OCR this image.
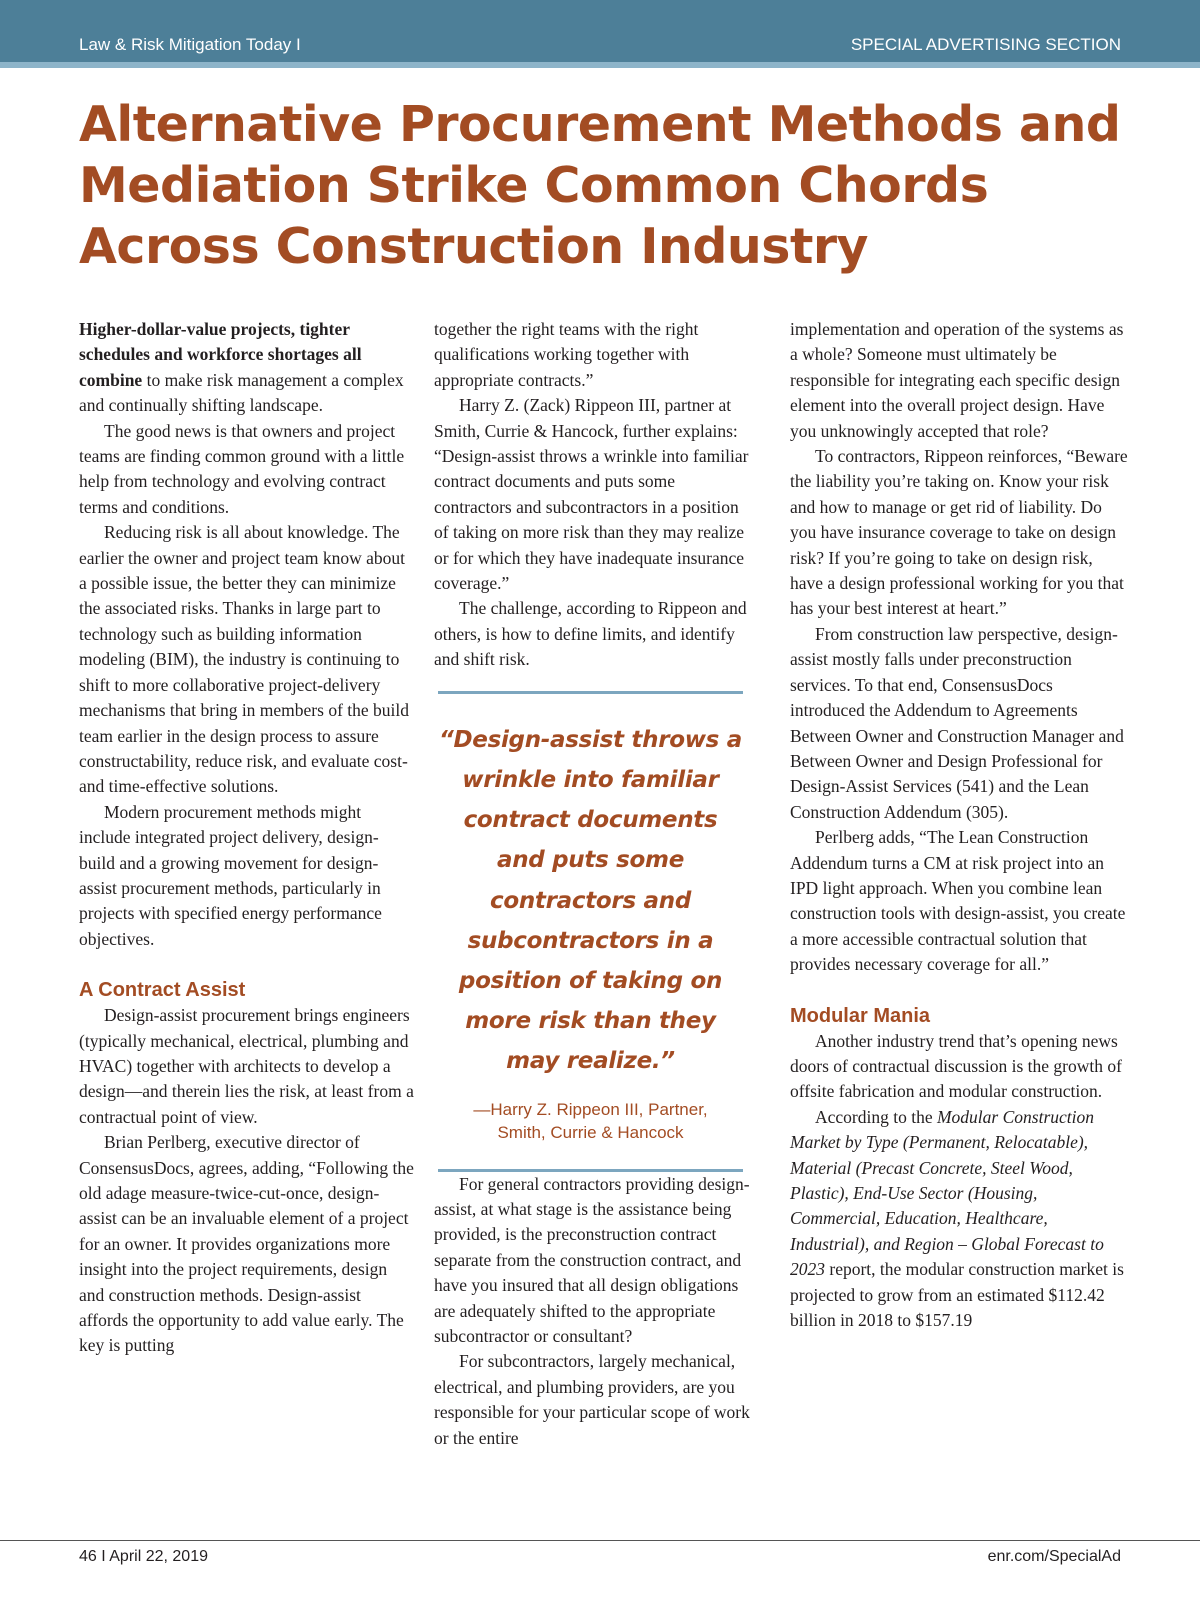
Law & Risk Mitigation Today I	SPECIAL ADVERTISING SECTION
Alternative Procurement Methods and Mediation Strike Common Chords Across Construction Industry

Higher-dollar-value projects, tighter schedules and workforce shortages all combine to make risk management a complex and continually shifting landscape.

The good news is that owners and project teams are finding common ground with a little help from technology and evolving contract terms and conditions.

Reducing risk is all about knowledge. The earlier the owner and project team know about a possible issue, the better they can minimize the associated risks. Thanks in large part to technology such as building information modeling (BIM), the industry is continuing to shift to more collaborative project-delivery mechanisms that bring in members of the build team earlier in the design process to assure constructability, reduce risk, and evaluate cost- and time-effective solutions.

Modern procurement methods might include integrated project delivery, design-build and a growing movement for design-assist procurement methods, particularly in projects with specified energy performance objectives.

A Contract Assist

Design-assist procurement brings engineers (typically mechanical, electrical, plumbing and HVAC) together with architects to develop a design—and therein lies the risk, at least from a contractual point of view.

Brian Perlberg, executive director of ConsensusDocs, agrees, adding, “Following the old adage measure-twice-cut-once, design-assist can be an invaluable element of a project for an owner. It provides organizations more insight into the project requirements, design and construction methods. Design-assist affords the opportunity to add value early. The key is putting

together the right teams with the right qualifications working together with appropriate contracts.”

Harry Z. (Zack) Rippeon III, partner at Smith, Currie & Hancock, further explains: “Design-assist throws a wrinkle into familiar contract documents and puts some contractors and subcontractors in a position of taking on more risk than they may realize or for which they have inadequate insurance coverage.”

The challenge, according to Rippeon and others, is how to define limits, and identify and shift risk.

“Design-assist throws a wrinkle into familiar contract documents and puts some contractors and subcontractors in a position of taking on more risk than they may realize.”
—Harry Z. Rippeon III, Partner,
Smith, Currie & Hancock

For general contractors providing design-assist, at what stage is the assistance being provided, is the preconstruction contract separate from the construction contract, and have you insured that all design obligations are adequately shifted to the appropriate subcontractor or consultant?

For subcontractors, largely mechanical, electrical, and plumbing providers, are you responsible for your particular scope of work or the entire

implementation and operation of the systems as a whole? Someone must ultimately be responsible for integrating each specific design element into the overall project design. Have you unknowingly accepted that role?

To contractors, Rippeon reinforces, “Beware the liability you’re taking on. Know your risk and how to manage or get rid of liability. Do you have insurance coverage to take on design risk? If you’re going to take on design risk, have a design professional working for you that has your best interest at heart.”

From construction law perspective, design-assist mostly falls under preconstruction services. To that end, ConsensusDocs introduced the Addendum to Agreements Between Owner and Construction Manager and Between Owner and Design Professional for Design-Assist Services (541) and the Lean Construction Addendum (305).

Perlberg adds, “The Lean Construction Addendum turns a CM at risk project into an IPD light approach. When you combine lean construction tools with design-assist, you create a more accessible contractual solution that provides necessary coverage for all.”

Modular Mania

Another industry trend that’s opening news doors of contractual discussion is the growth of offsite fabrication and modular construction.

According to the Modular Construction Market by Type (Permanent, Relocatable), Material (Precast Concrete, Steel Wood, Plastic), End-Use Sector (Housing, Commercial, Education, Healthcare, Industrial), and Region – Global Forecast to 2023 report, the modular construction market is projected to grow from an estimated $112.42 billion in 2018 to $157.19

46 I April 22, 2019	enr.com/SpecialAd
